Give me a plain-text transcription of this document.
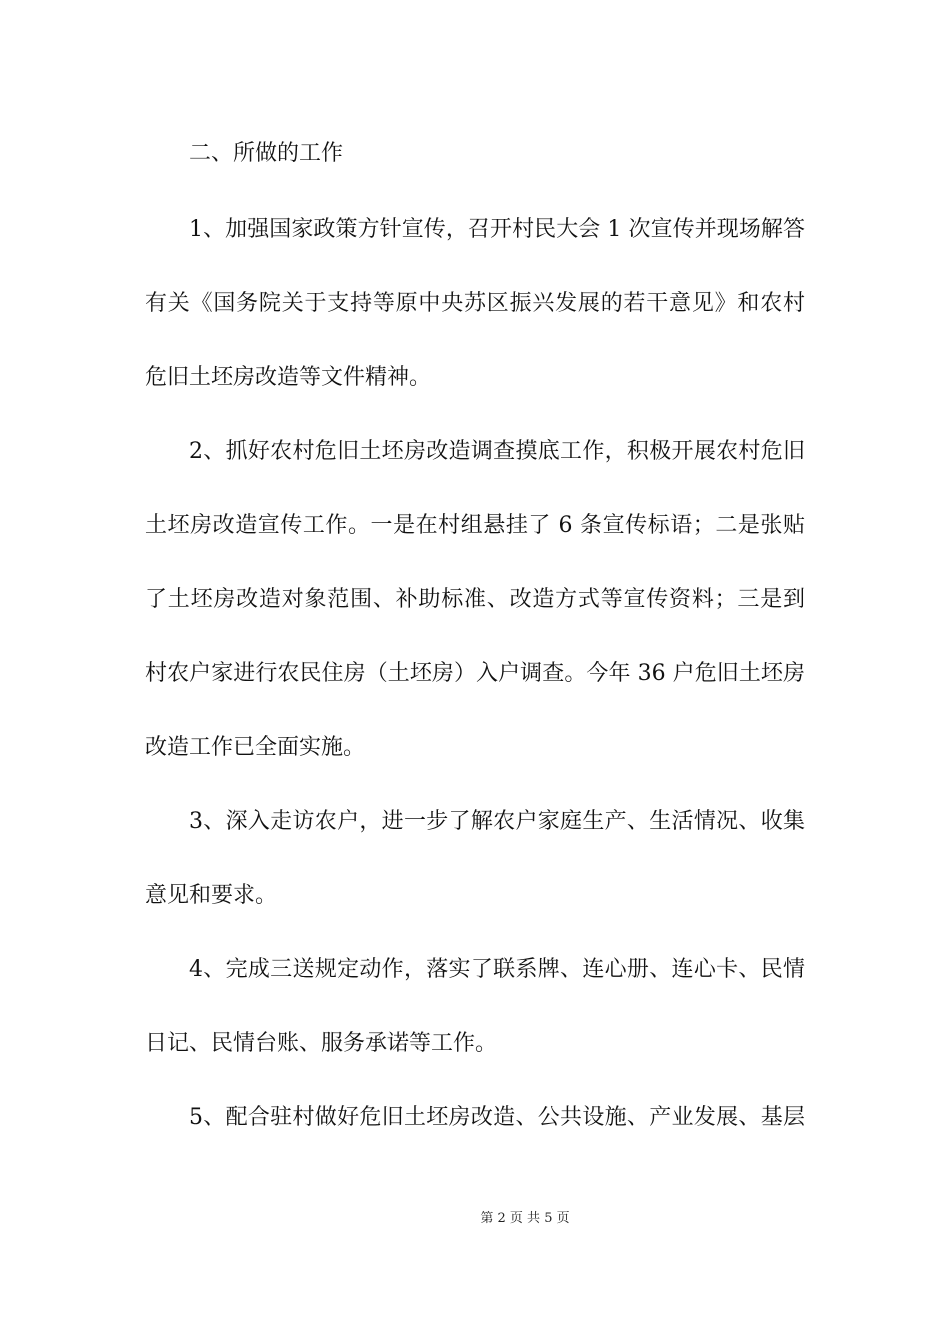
二、所做的工作
1、加强国家政策方针宣传，召开村民大会 1 次宣传并现场解答
有关《国务院关于支持等原中央苏区振兴发展的若干意见》和农村
危旧土坯房改造等文件精神。
2、抓好农村危旧土坯房改造调查摸底工作，积极开展农村危旧
土坯房改造宣传工作。一是在村组悬挂了 6 条宣传标语；二是张贴
了土坯房改造对象范围、补助标准、改造方式等宣传资料；三是到
村农户家进行农民住房（土坯房）入户调查。今年 36 户危旧土坯房
改造工作已全面实施。
3、深入走访农户，进一步了解农户家庭生产、生活情况、收集
意见和要求。
4、完成三送规定动作，落实了联系牌、连心册、连心卡、民情
日记、民情台账、服务承诺等工作。
5、配合驻村做好危旧土坯房改造、公共设施、产业发展、基层
第 2 页 共 5 页
